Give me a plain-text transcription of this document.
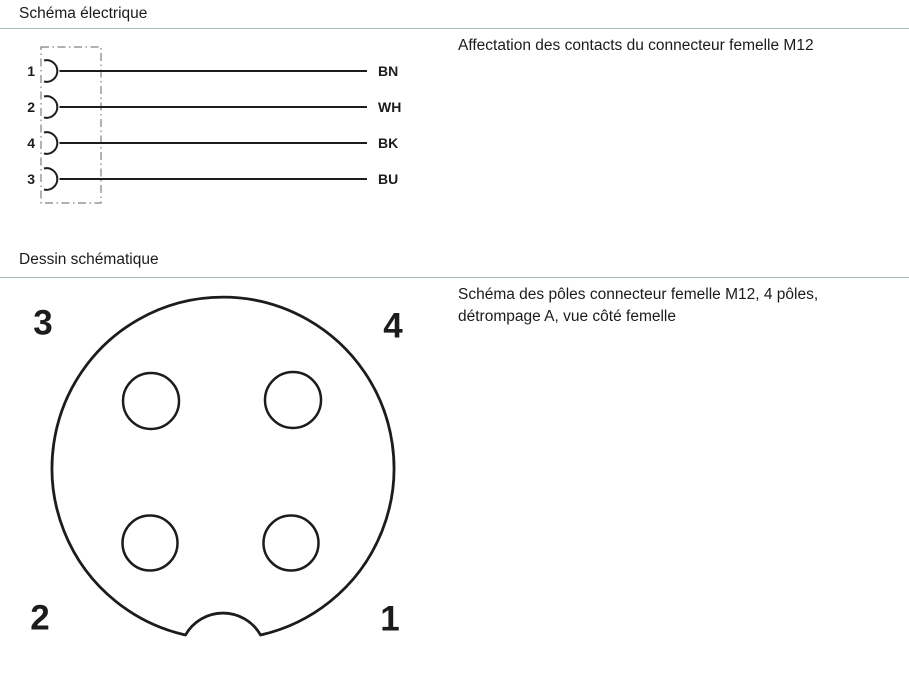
Schéma électrique
Affectation des contacts du connecteur femelle M12
1	BN
2	WH
4	BK
3	BU
Dessin schématique
Schéma des pôles connecteur femelle M12, 4 pôles,
détrompage A, vue côté femelle
3	4
2	1
